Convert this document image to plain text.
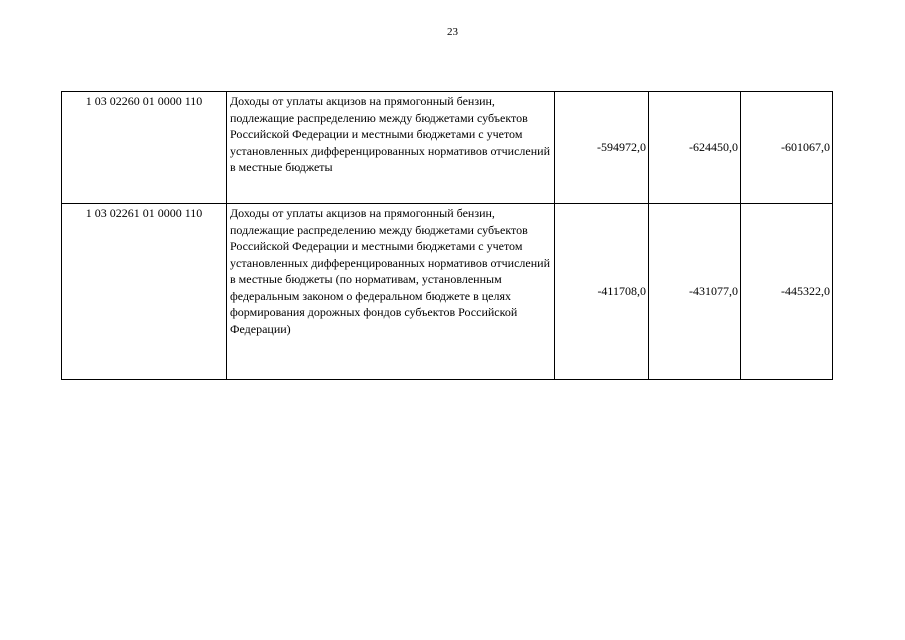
23
1 03 02260 01 0000 110	Доходы от уплаты акцизов на прямогонный бензин, подлежащие распределению между бюджетами субъектов Российской Федерации и местными бюджетами с учетом установленных дифференцированных нормативов отчислений в местные бюджеты	-594972,0	-624450,0	-601067,0
1 03 02261 01 0000 110	Доходы от уплаты акцизов на прямогонный бензин, подлежащие распределению между бюджетами субъектов Российской Федерации и местными бюджетами с учетом установленных дифференцированных нормативов отчислений в местные бюджеты (по нормативам, установленным федеральным законом о федеральном бюджете в целях формирования дорожных фондов субъектов Российской Федерации)	-411708,0	-431077,0	-445322,0
